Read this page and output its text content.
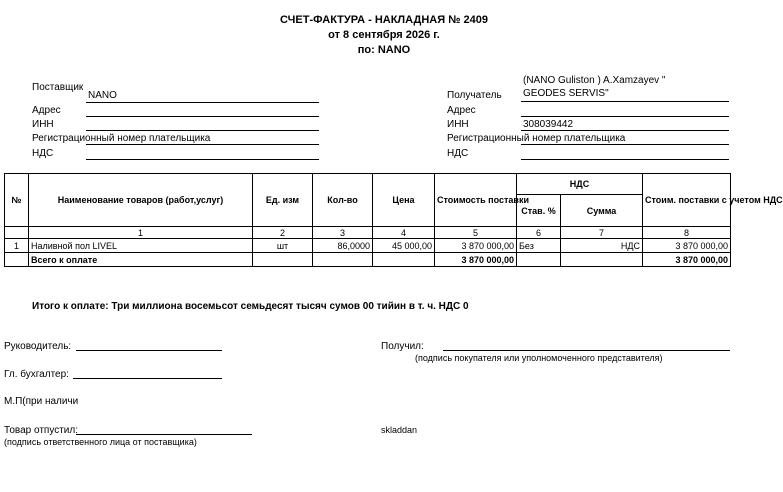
СЧЕТ-ФАКТУРА - НАКЛАДНАЯ № 2409
от 8 сентября 2026 г.
по: NANO
Поставщик
NANO
Адрес
ИНН
Регистрационный номер плательщика
НДС
(NANO Guliston ) A.Xamzayev "
Получатель GEODES SERVIS"
Адрес
ИНН	308039442
Регистрационный номер плательщика
НДС
№	Наименование товаров (работ,услуг)	Ед. изм	Кол-во	Цена	Стоимость поставки	НДС		Стоим. поставки с учетом НДС
						Став. %	Сумма	
	1	2	3	4	5	6	7	8
1	Наливной пол LIVEL	шт	86,0000	45 000,00	3 870 000,00	Без	НДС	3 870 000,00
	Всего к оплате				3 870 000,00			3 870 000,00
Итого к оплате: Три миллиона восемьсот семьдесят тысяч сумов 00 тийин в т. ч. НДС 0
Руководитель:
Гл. бухгалтер:
М.П(при наличи
Товар отпустил:
(подпись ответственного лица от поставщика)
Получил:
(подпись покупателя или уполномоченного представителя)
skladdan
